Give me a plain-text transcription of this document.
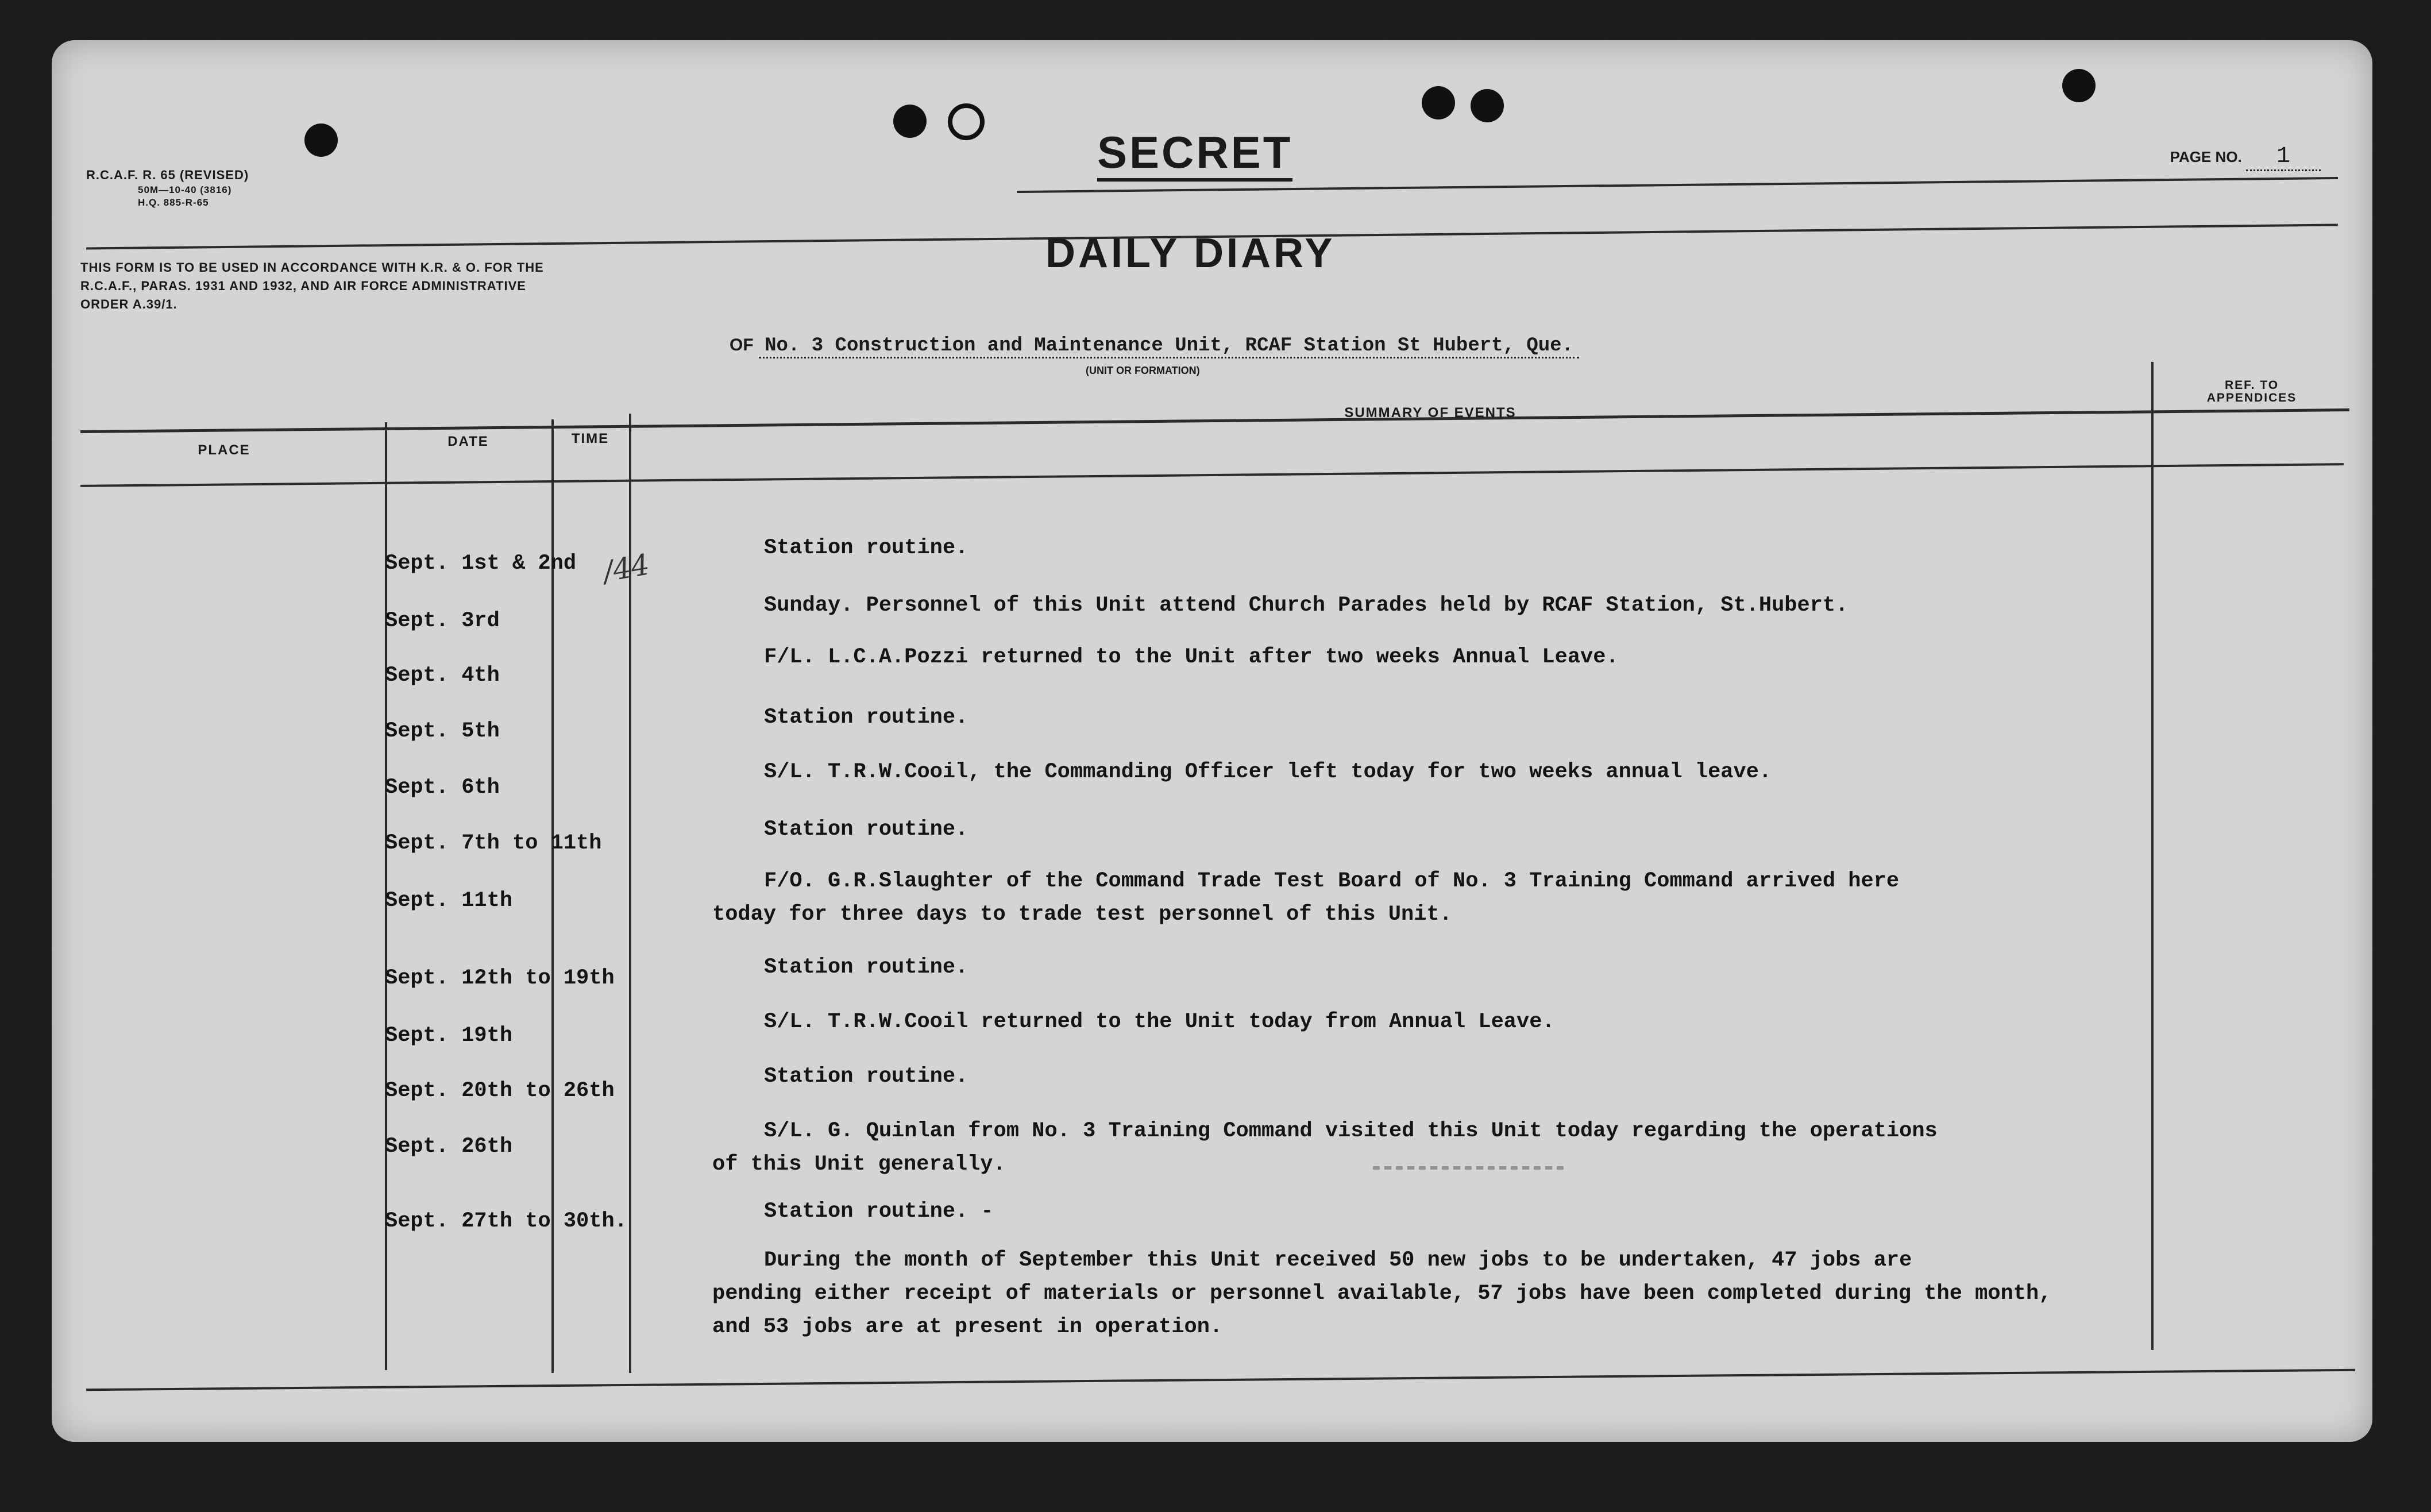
R.C.A.F. R. 65 (REVISED)
50M—10-40 (3816)
H.Q. 885-R-65
SECRET	PAGE NO. 1
THIS FORM IS TO BE USED IN ACCORDANCE WITH K.R. & O. FOR THE R.C.A.F., PARAS. 1931 AND 1932, AND AIR FORCE ADMINISTRATIVE ORDER A.39/1.
DAILY DIARY
OF No. 3 Construction and Maintenance Unit, RCAF Station St Hubert, Que.
(UNIT OR FORMATION)
PLACE
DATE	TIME
SUMMARY OF EVENTS
REF. TO
APPENDICES
/44
Sept. 1st & 2nd
Sept. 3rd
Sept. 4th
Sept. 5th
Sept. 6th
Sept. 7th to 11th
Sept. 11th
Sept. 12th to 19th
Sept. 19th
Sept. 20th to 26th
Sept. 26th
Sept. 27th to 30th.
Station routine.
Sunday. Personnel of this Unit attend Church Parades held by RCAF Station, St.Hubert.
F/L. L.C.A.Pozzi returned to the Unit after two weeks Annual Leave.
Station routine.
S/L. T.R.W.Cooil, the Commanding Officer left today for two weeks annual leave.
Station routine.
F/O. G.R.Slaughter of the Command Trade Test Board of No. 3 Training Command arrived here
today for three days to trade test personnel of this Unit.
Station routine.
S/L. T.R.W.Cooil returned to the Unit today from Annual Leave.
Station routine.
S/L. G. Quinlan from No. 3 Training Command visited this Unit today regarding the operations
of this Unit generally.
Station routine. -
During the month of September this Unit received 50 new jobs to be undertaken, 47 jobs are
pending either receipt of materials or personnel available, 57 jobs have been completed during the month, and 53 jobs are at present in operation.
